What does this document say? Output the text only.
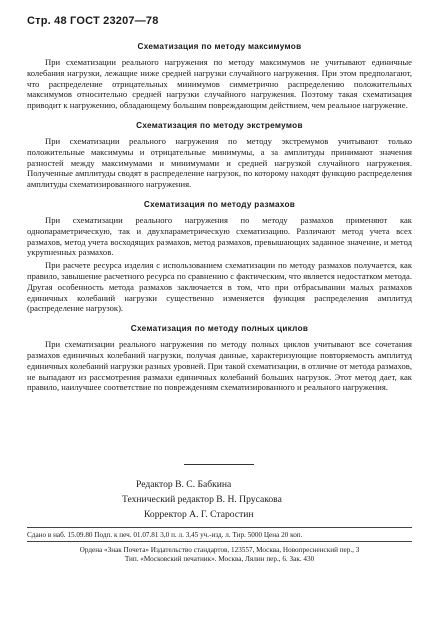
Стр. 48 ГОСТ 23207—78
Схематизация по методу максимумов

При схематизации реального нагружения по методу максимумов не учитывают единичные колебания нагрузки, лежащие ниже средней нагрузки случайного нагружения. При этом предполагают, что распределение отрицательных минимумов симметрично распределению положительных максимумов относительно средней нагрузки случайного нагружения. Поэтому такая схематизация приводит к нагружению, обладающему большим повреждающим действием, чем реальное нагружение.

Схематизация по методу экстремумов

При схематизации реального нагружения по методу экстремумов учитывают только положительные максимумы и отрицательные минимумы, а за амплитуды принимают значения разностей между максимумами и минимумами и средней нагрузкой случайного нагружения. Полученные амплитуды сводят в распределение нагрузок, по которому находят функцию распределения амплитуды схематизированного нагружения.

Схематизация по методу размахов

При схематизации реального нагружения по методу размахов применяют как однопараметрическую, так и двухпараметрическую схематизацию. Различают метод учета всех размахов, метод учета восходящих размахов, метод размахов, превышающих заданное значение, и метод укрупненных размахов.

При расчете ресурса изделия с использованием схематизации по методу размахов получается, как правило, завышение расчетного ресурса по сравнению с фактическим, что является недостатком метода. Другая особенность метода размахов заключается в том, что при отбрасывании малых размахов единичных колебаний нагрузки существенно изменяется функция распределения амплитуд (распределение нагрузок).

Схематизация по методу полных циклов

При схематизации реального нагружения по методу полных циклов учитывают все сочетания размахов единичных колебаний нагрузки, получая данные, характеризующие повторяемость амплитуд единичных колебаний нагрузки разных уровней. При такой схематизации, в отличие от метода размахов, не выпадают из рассмотрения размахи единичных колебаний больших нагрузок. Этот метод дает, как правило, наилучшее соответствие по повреждениям схематизированного и реального нагружения.

Редактор В. С. Бабкина
Технический редактор В. Н. Прусакова
Корректор А. Г. Старостин
Сдано в наб. 15.09.80 Подп. к печ. 01.07.81 3,0 п. л. 3,45 уч.-изд. л. Тир. 5000 Цена 20 коп.
Ордена «Знак Почета» Издательство стандартов, 123557, Москва, Новопресненский пер., 3
Тип. «Московский печатник». Москва, Лялин пер., 6. Зак. 430
